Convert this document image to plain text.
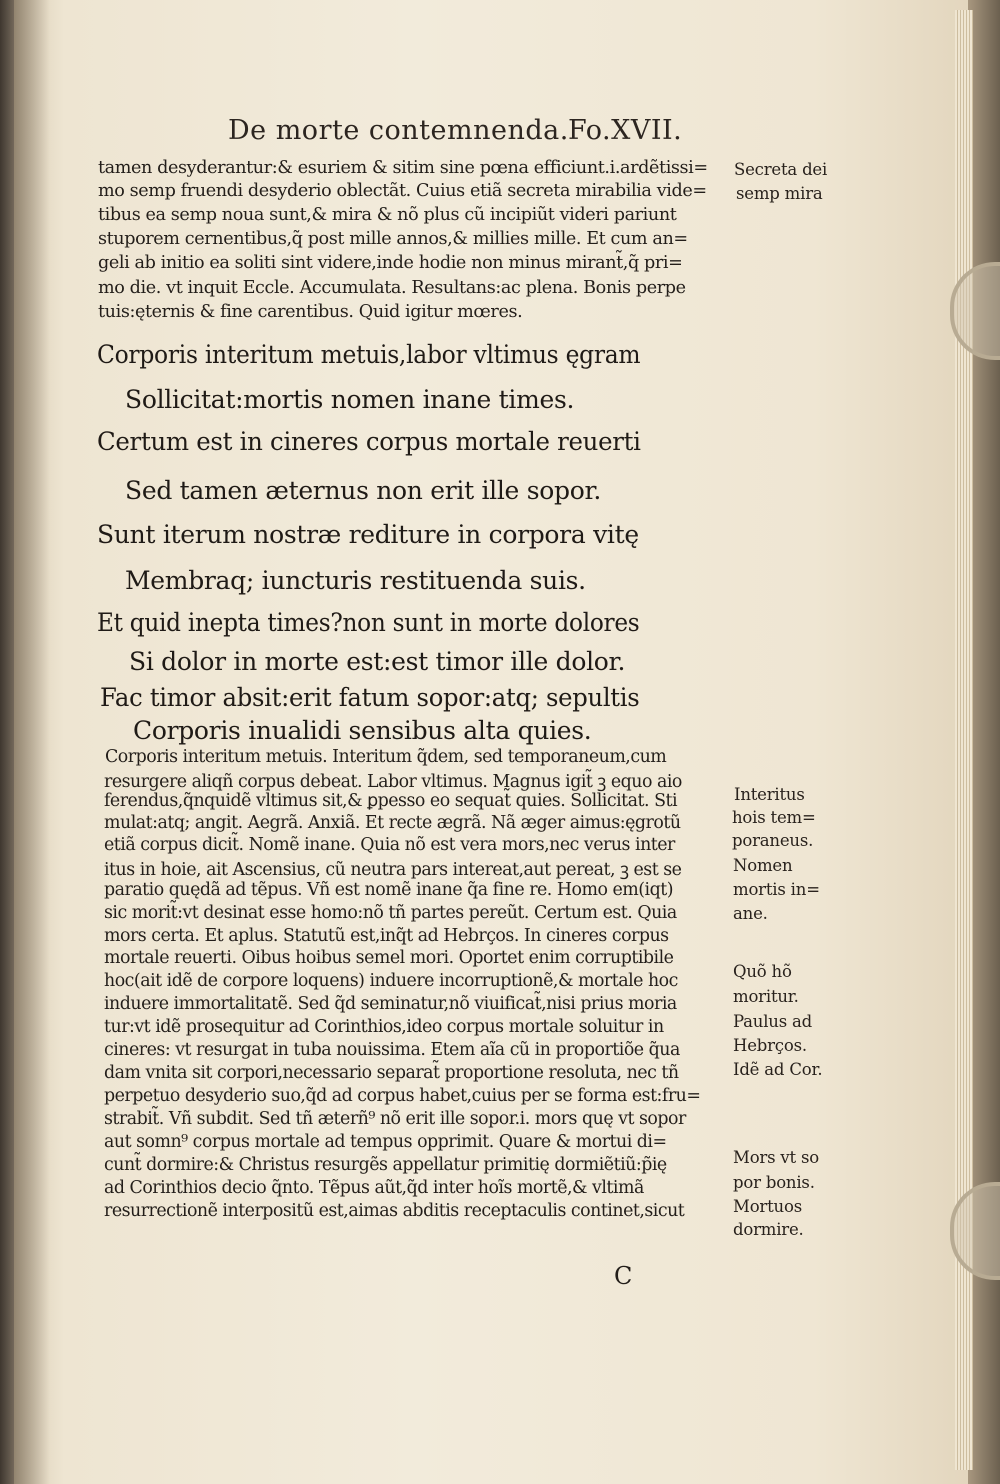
De morte contemnenda. Fo.XVII.
tamen desyderantur:& esuriem & sitim sine pœna efficiunt.i.ardẽtissi=
mo semp fruendi desyderio oblectãt. Cuius etiã secreta mirabilia vide=
tibus ea semp noua sunt,& mira & nõ plus cũ incipiũt videri pariunt
stuporem cernentibus,q̃ post mille annos,& millies mille. Et cum an=
geli ab initio ea soliti sint videre,inde hodie non minus mirant̃,q̃ pri=
mo die. vt inquit Eccle. Accumulata. Resultans:ac plena. Bonis perpe
tuis:ęternis & fine carentibus. Quid igitur mœres.
Corporis interitum metuis,labor vltimus ęgram
Sollicitat:mortis nomen inane times.
Certum est in cineres corpus mortale reuerti
Sed tamen æternus non erit ille sopor.
Sunt iterum nostræ rediture in corpora vitę
Membraq; iuncturis restituenda suis.
Et quid inepta times?non sunt in morte dolores
Si dolor in morte est:est timor ille dolor.
Fac timor absit:erit fatum sopor:atq; sepultis
Corporis inualidi sensibus alta quies.
Corporis interitum metuis. Interitum q̃dem, sed temporaneum,cum
resurgere aliqñ corpus debeat. Labor vltimus. Magnus igit̃ ꝫ equo aio
ferendus,q̃nquidẽ vltimus sit,& ꝑpesso eo sequat̃ quies. Sollicitat. Sti
mulat:atq; angit. Aegrã. Anxiã. Et recte ægrã. Nã æger aimus:ęgrotũ
etiã corpus dicit̃. Nomẽ inane. Quia nõ est vera mors,nec verus inter
itus in hoie, ait Ascensius, cũ neutra pars intereat,aut pereat, ꝫ est se
paratio quędã ad tẽpus. Vñ est nomẽ inane q̃a fine re. Homo em(iqt)
sic morit̃:vt desinat esse homo:nõ tñ partes pereũt. Certum est. Quia
mors certa. Et aplus. Statutũ est,inq̃t ad Hebrços. In cineres corpus
mortale reuerti. Oibus hoibus semel mori. Oportet enim corruptibile
hoc(ait idẽ de corpore loquens) induere incorruptionẽ,& mortale hoc
induere immortalitatẽ. Sed q̃d seminatur,nõ viuificat̃,nisi prius moria
tur:vt idẽ prosequitur ad Corinthios,ideo corpus mortale soluitur in
cineres: vt resurgat in tuba nouissima. Etem aĩa cũ in proportiõe q̃ua
dam vnita sit corpori,necessario separat̃ proportione resoluta, nec tñ
perpetuo desyderio suo,q̃d ad corpus habet,cuius per se forma est:fru=
strabit̃. Vñ subdit. Sed tñ æterñ⁹ nõ erit ille sopor.i. mors quę vt sopor
aut somn⁹ corpus mortale ad tempus opprimit. Quare & mortui di=
cunt̃ dormire:& Christus resurgẽs appellatur primitię dormiẽtiũ:p̃ię
ad Corinthios decio q̃nto. Tẽpus aũt,q̃d inter hoĩs mortẽ,& vltimã
resurrectionẽ interpositũ est,aimas abditis receptaculis continet,sicut
Secreta dei
semp mira
Interitus
hois tem=
poraneus.
Nomen
mortis in=
ane.
Quõ hõ
moritur.
Paulus ad
Hebrços.
Idẽ ad Cor.
Mors vt so
por bonis.
Mortuos
dormire.
C
